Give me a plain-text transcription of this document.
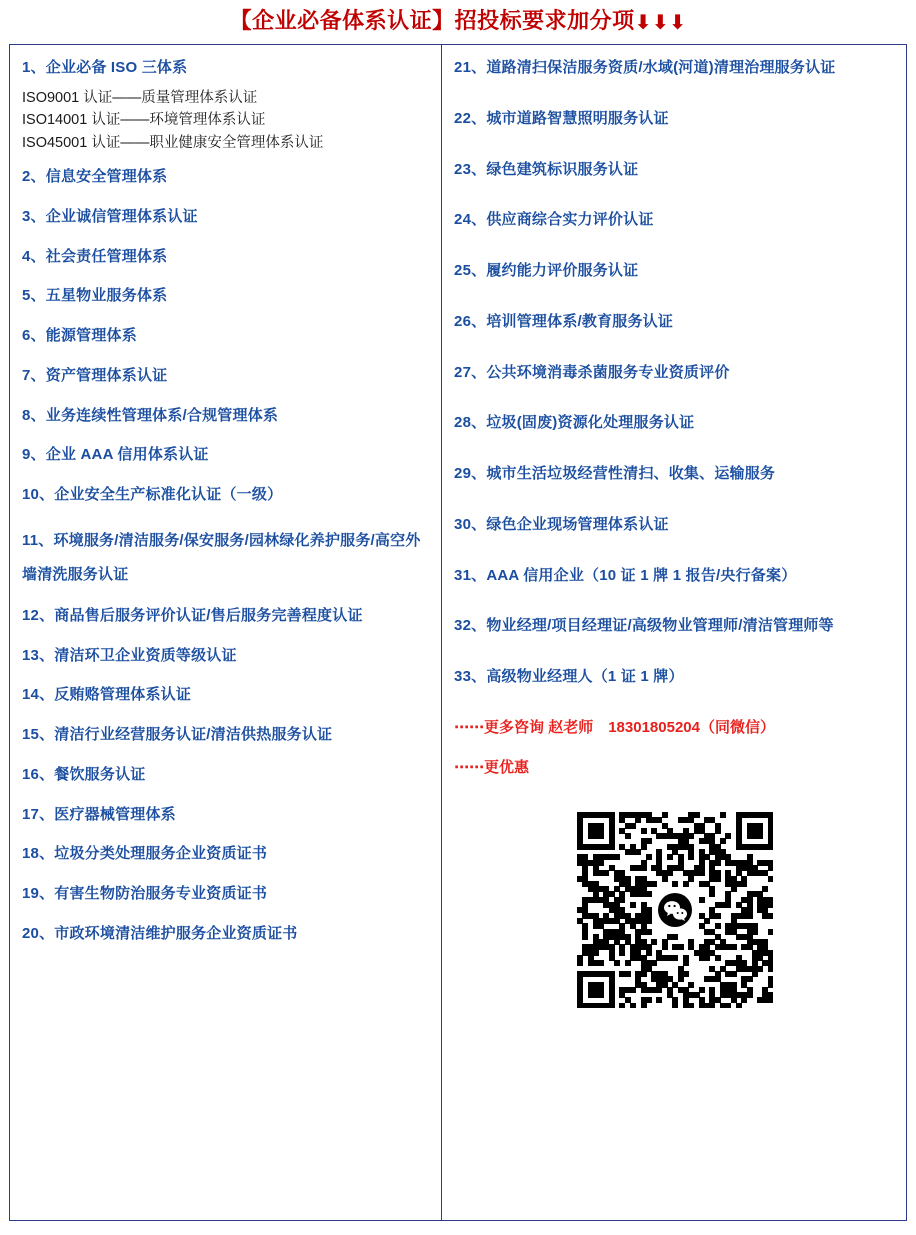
【企业必备体系认证】招投标要求加分项⬇⬇⬇
1、企业必备 ISO 三体系
ISO9001 认证——质量管理体系认证
ISO14001 认证——环境管理体系认证
ISO45001 认证——职业健康安全管理体系认证
2、信息安全管理体系
3、企业诚信管理体系认证
4、社会责任管理体系
5、五星物业服务体系
6、能源管理体系
7、资产管理体系认证
8、业务连续性管理体系/合规管理体系
9、企业 AAA 信用体系认证
10、企业安全生产标准化认证（一级）
11、环境服务/清洁服务/保安服务/园林绿化养护服务/高空外墙清洗服务认证
12、商品售后服务评价认证/售后服务完善程度认证
13、清洁环卫企业资质等级认证
14、反贿赂管理体系认证
15、清洁行业经营服务认证/清洁供热服务认证
16、餐饮服务认证
17、医疗器械管理体系
18、垃圾分类处理服务企业资质证书
19、有害生物防治服务专业资质证书
20、市政环境清洁维护服务企业资质证书
21、道路清扫保洁服务资质/水域(河道)清理治理服务认证
22、城市道路智慧照明服务认证
23、绿色建筑标识服务认证
24、供应商综合实力评价认证
25、履约能力评价服务认证
26、培训管理体系/教育服务认证
27、公共环境消毒杀菌服务专业资质评价
28、垃圾(固废)资源化处理服务认证
29、城市生活垃圾经营性清扫、收集、运输服务
30、绿色企业现场管理体系认证
31、AAA 信用企业（10 证 1 牌 1 报告/央行备案）
32、物业经理/项目经理证/高级物业管理师/清洁管理师等
33、高级物业经理人（1 证 1 牌）
⋯⋯更多咨询 赵老师　18301805204（同微信）
⋯⋯更优惠
